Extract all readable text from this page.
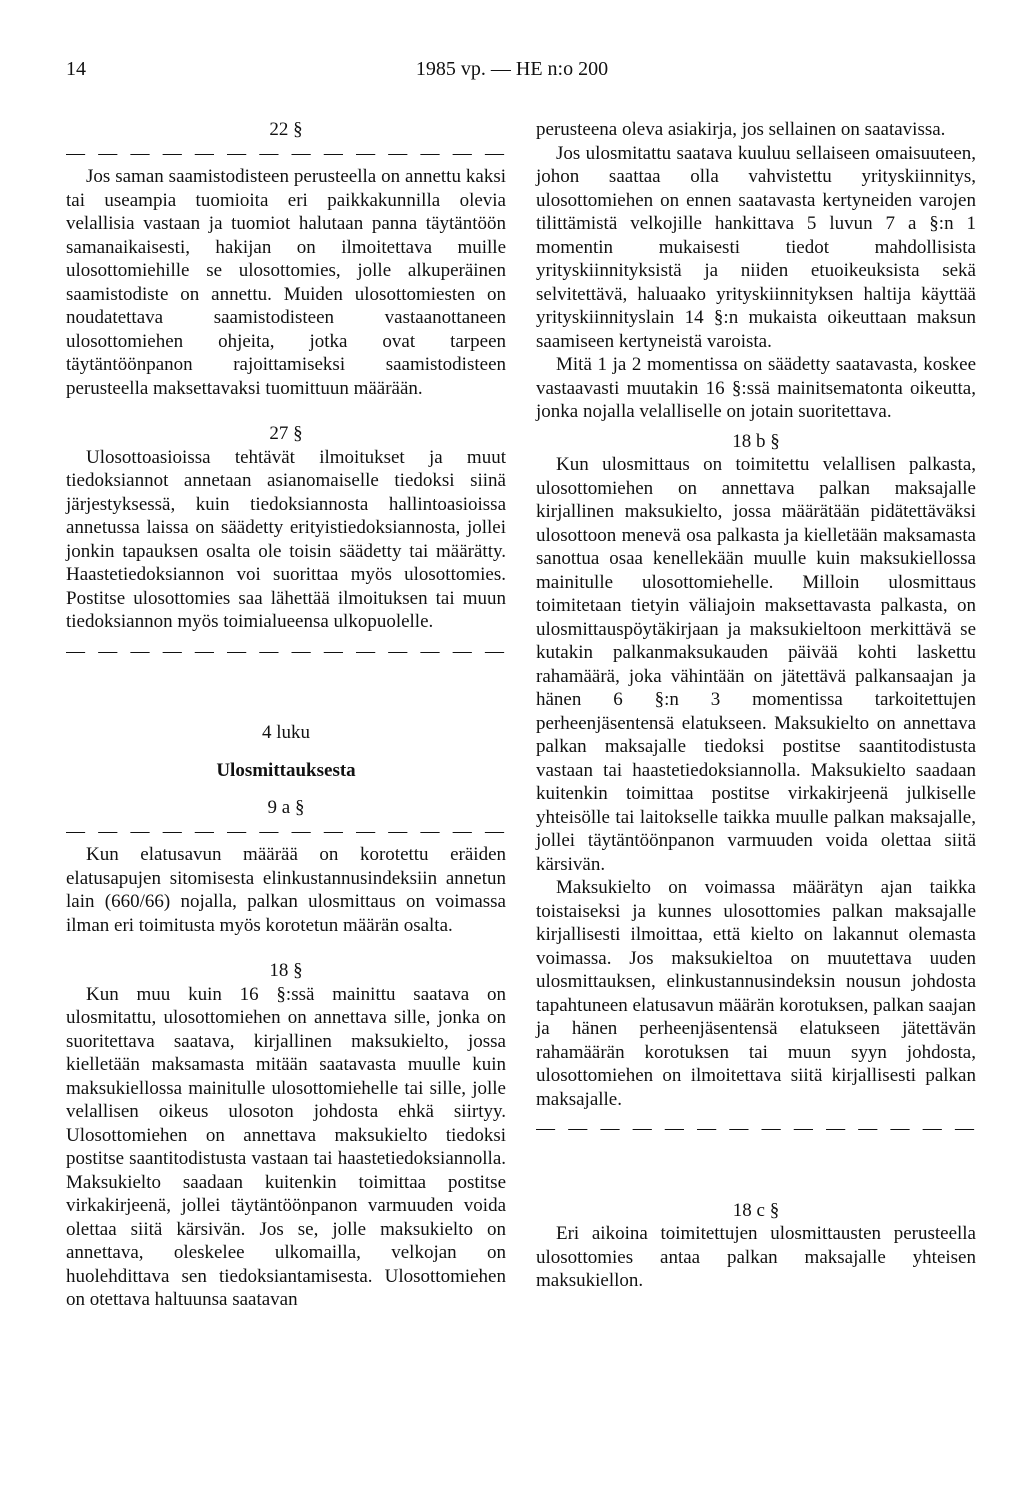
14	1985 vp. — HE n:o 200
22 §
— — — — — — — — — — — — — —

Jos saman saamistodisteen perusteella on annettu kaksi tai useampia tuomioita eri paikkakunnilla olevia velallisia vastaan ja tuomiot halutaan panna täytäntöön samanaikaisesti, hakijan on ilmoitettava muille ulosottomiehille se ulosottomies, jolle alkuperäinen saamistodiste on annettu. Muiden ulosottomiesten on noudatettava saamistodisteen vastaanottaneen ulosottomiehen ohjeita, jotka ovat tarpeen täytäntöönpanon rajoittamiseksi saamistodisteen perusteella maksettavaksi tuomittuun määrään.

27 §

Ulosottoasioissa tehtävät ilmoitukset ja muut tiedoksiannot annetaan asianomaiselle tiedoksi siinä järjestyksessä, kuin tiedoksiannosta hallintoasioissa annetussa laissa on säädetty erityistiedoksiannosta, jollei jonkin tapauksen osalta ole toisin säädetty tai määrätty. Haastetiedoksiannon voi suorittaa myös ulosottomies. Postitse ulosottomies saa lähettää ilmoituksen tai muun tiedoksiannon myös toimialueensa ulkopuolelle.

— — — — — — — — — — — — — —
4 luku
Ulosmittauksesta
9 a §
— — — — — — — — — — — — — —

Kun elatusavun määrää on korotettu eräiden elatusapujen sitomisesta elinkustannusindeksiin annetun lain (660/66) nojalla, palkan ulosmittaus on voimassa ilman eri toimitusta myös korotetun määrän osalta.

18 §

Kun muu kuin 16 §:ssä mainittu saatava on ulosmitattu, ulosottomiehen on annettava sille, jonka on suoritettava saatava, kirjallinen maksukielto, jossa kielletään maksamasta mitään saatavasta muulle kuin maksukiellossa mainitulle ulosottomiehelle tai sille, jolle velallisen oikeus ulosoton johdosta ehkä siirtyy. Ulosottomiehen on annettava maksukielto tiedoksi postitse saantitodistusta vastaan tai haastetiedoksiannolla. Maksukielto saadaan kuitenkin toimittaa postitse virkakirjeenä, jollei täytäntöönpanon varmuuden voida olettaa siitä kärsivän. Jos se, jolle maksukielto on annettava, oleskelee ulkomailla, velkojan on huolehdittava sen tiedoksiantamisesta. Ulosottomiehen on otettava haltuunsa saatavan

perusteena oleva asiakirja, jos sellainen on saatavissa.

Jos ulosmitattu saatava kuuluu sellaiseen omaisuuteen, johon saattaa olla vahvistettu yrityskiinnitys, ulosottomiehen on ennen saatavasta kertyneiden varojen tilittämistä velkojille hankittava 5 luvun 7 a §:n 1 momentin mukaisesti tiedot mahdollisista yrityskiinnityksistä ja niiden etuoikeuksista sekä selvitettävä, haluaako yrityskiinnityksen haltija käyttää yrityskiinnityslain 14 §:n mukaista oikeuttaan maksun saamiseen kertyneistä varoista.

Mitä 1 ja 2 momentissa on säädetty saatavasta, koskee vastaavasti muutakin 16 §:ssä mainitsematonta oikeutta, jonka nojalla velalliselle on jotain suoritettava.

18 b §

Kun ulosmittaus on toimitettu velallisen palkasta, ulosottomiehen on annettava palkan maksajalle kirjallinen maksukielto, jossa määrätään pidätettäväksi ulosottoon menevä osa palkasta ja kielletään maksamasta sanottua osaa kenellekään muulle kuin maksukiellossa mainitulle ulosottomiehelle. Milloin ulosmittaus toimitetaan tietyin väliajoin maksettavasta palkasta, on ulosmittauspöytäkirjaan ja maksukieltoon merkittävä se kutakin palkanmaksukauden päivää kohti laskettu rahamäärä, joka vähintään on jätettävä palkansaajan ja hänen 6 §:n 3 momentissa tarkoitettujen perheenjäsentensä elatukseen. Maksukielto on annettava palkan maksajalle tiedoksi postitse saantitodistusta vastaan tai haastetiedoksiannolla. Maksukielto saadaan kuitenkin toimittaa postitse virkakirjeenä julkiselle yhteisölle tai laitokselle taikka muulle palkan maksajalle, jollei täytäntöönpanon varmuuden voida olettaa siitä kärsivän.

Maksukielto on voimassa määrätyn ajan taikka toistaiseksi ja kunnes ulosottomies palkan maksajalle kirjallisesti ilmoittaa, että kielto on lakannut olemasta voimassa. Jos maksukieltoa on muutettava uuden ulosmittauksen, elinkustannusindeksin nousun johdosta tapahtuneen elatusavun määrän korotuksen, palkan saajan ja hänen perheenjäsentensä elatukseen jätettävän rahamäärän korotuksen tai muun syyn johdosta, ulosottomiehen on ilmoitettava siitä kirjallisesti palkan maksajalle.

— — — — — — — — — — — — — —
18 c §

Eri aikoina toimitettujen ulosmittausten perusteella ulosottomies antaa palkan maksajalle yhteisen maksukiellon.
